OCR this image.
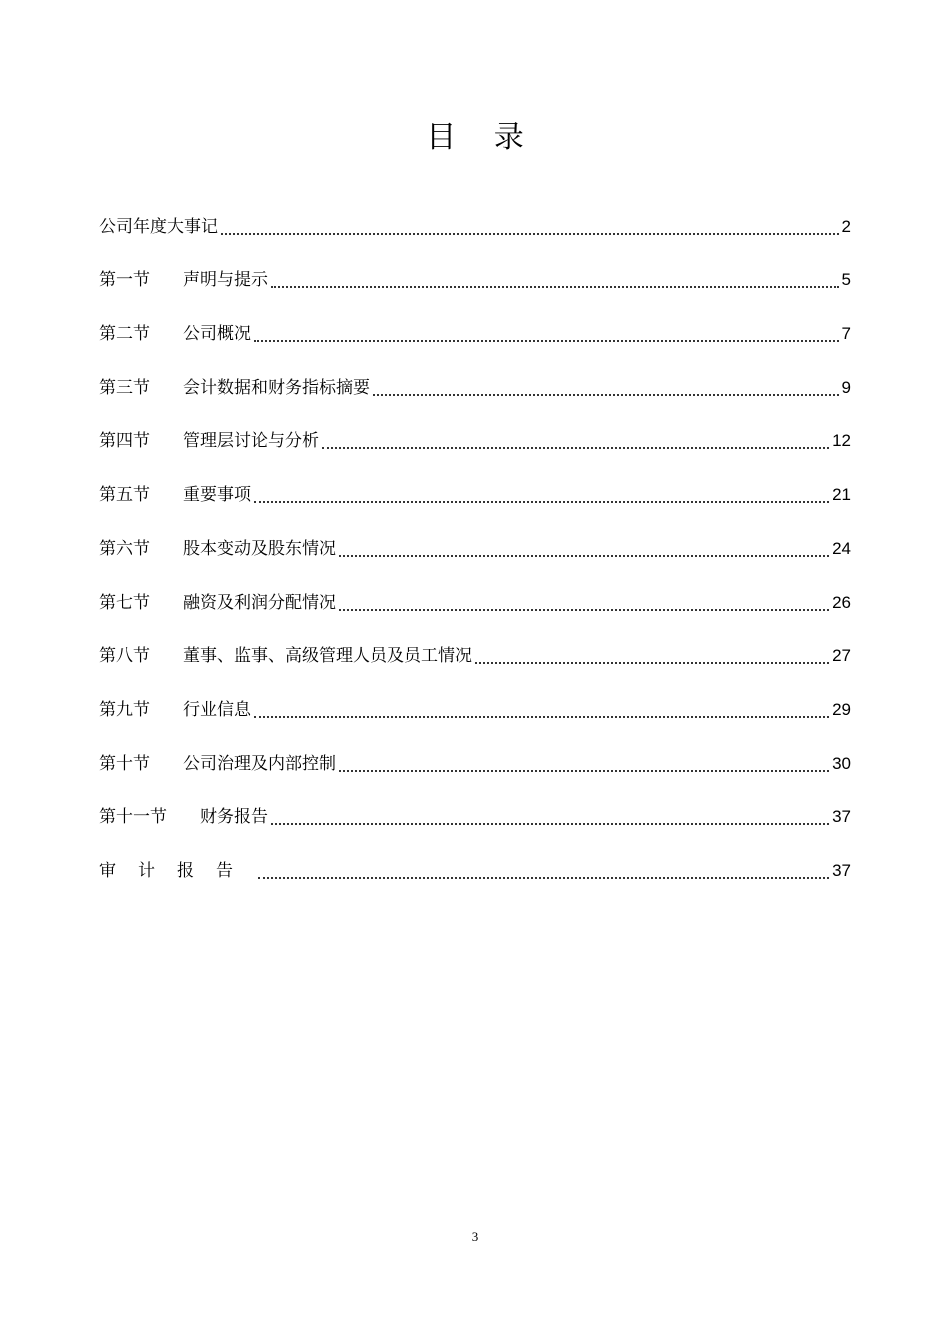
目 录
公司年度大事记	2
第一节	声明与提示	5
第二节	公司概况	7
第三节	会计数据和财务指标摘要	9
第四节	管理层讨论与分析	12
第五节	重要事项	21
第六节	股本变动及股东情况	24
第七节	融资及利润分配情况	26
第八节	董事、监事、高级管理人员及员工情况	27
第九节	行业信息	29
第十节	公司治理及内部控制	30
第十一节	财务报告	37
审计报告	37
3
